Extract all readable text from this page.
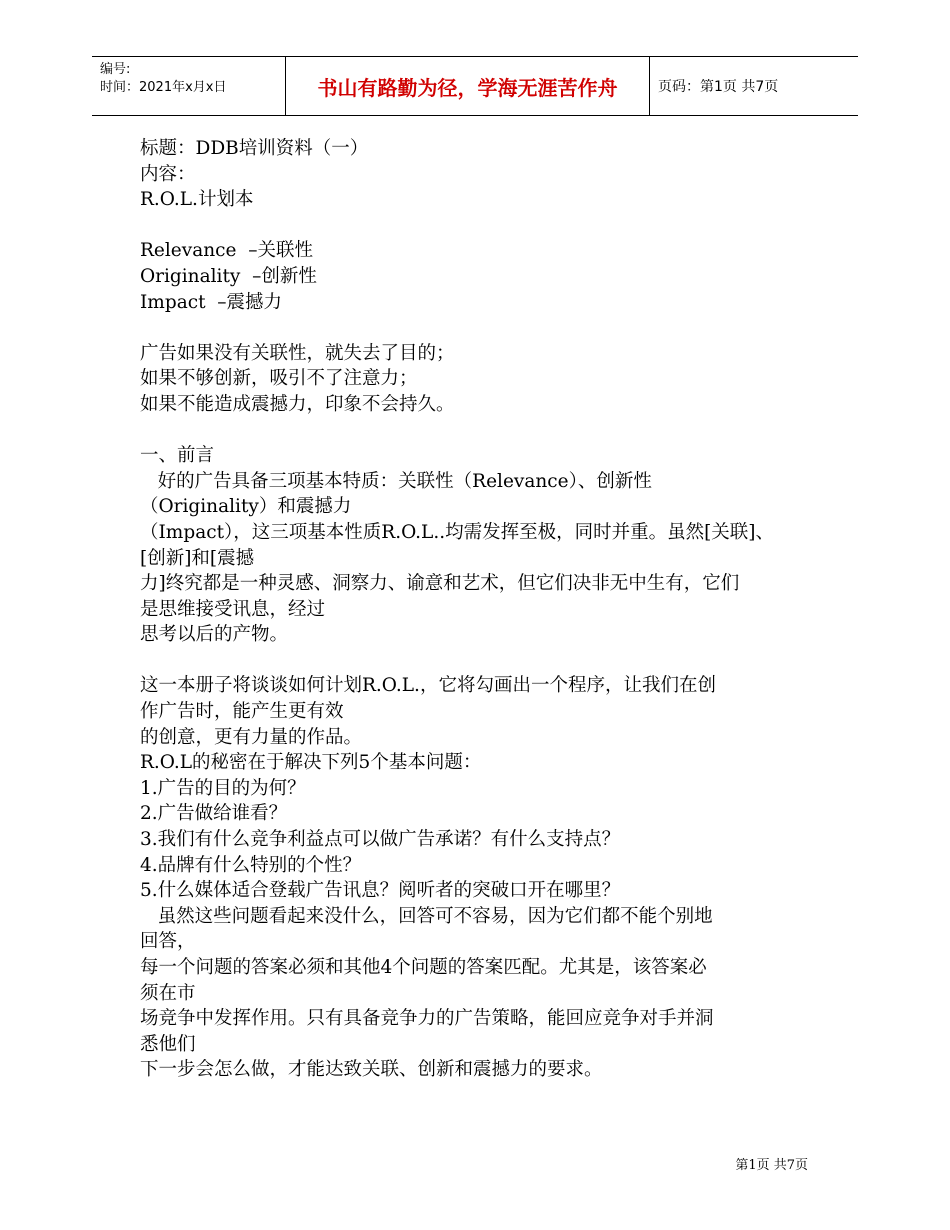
编号:
时间：2021年x月x日	书山有路勤为径，学海无涯苦作舟	页码：第1页 共7页

标题：DDB培训资料（一）

内容：

R.O.L.计划本

Relevance  –关联性

Originality  –创新性

Impact  –震撼力

广告如果没有关联性，就失去了目的；

如果不够创新，吸引不了注意力；

如果不能造成震撼力，印象不会持久。

一、前言

好的广告具备三项基本特质：关联性（Relevance）、创新性

（Originality）和震撼力

（Impact），这三项基本性质R.O.L..均需发挥至极，同时并重。虽然[关联]、

[创新]和[震撼

力]终究都是一种灵感、洞察力、谕意和艺术，但它们决非无中生有，它们

是思维接受讯息，经过

思考以后的产物。

这一本册子将谈谈如何计划R.O.L.，它将勾画出一个程序，让我们在创

作广告时，能产生更有效

的创意，更有力量的作品。

R.O.L的秘密在于解决下列5个基本问题：

1.广告的目的为何？

2.广告做给谁看？

3.我们有什么竞争利益点可以做广告承诺？有什么支持点？

4.品牌有什么特别的个性？

5.什么媒体适合登载广告讯息？阅听者的突破口开在哪里？

虽然这些问题看起来没什么，回答可不容易，因为它们都不能个别地

回答，

每一个问题的答案必须和其他4个问题的答案匹配。尤其是，该答案必

须在市

场竞争中发挥作用。只有具备竞争力的广告策略，能回应竞争对手并洞

悉他们

下一步会怎么做，才能达致关联、创新和震撼力的要求。

第1页 共7页
